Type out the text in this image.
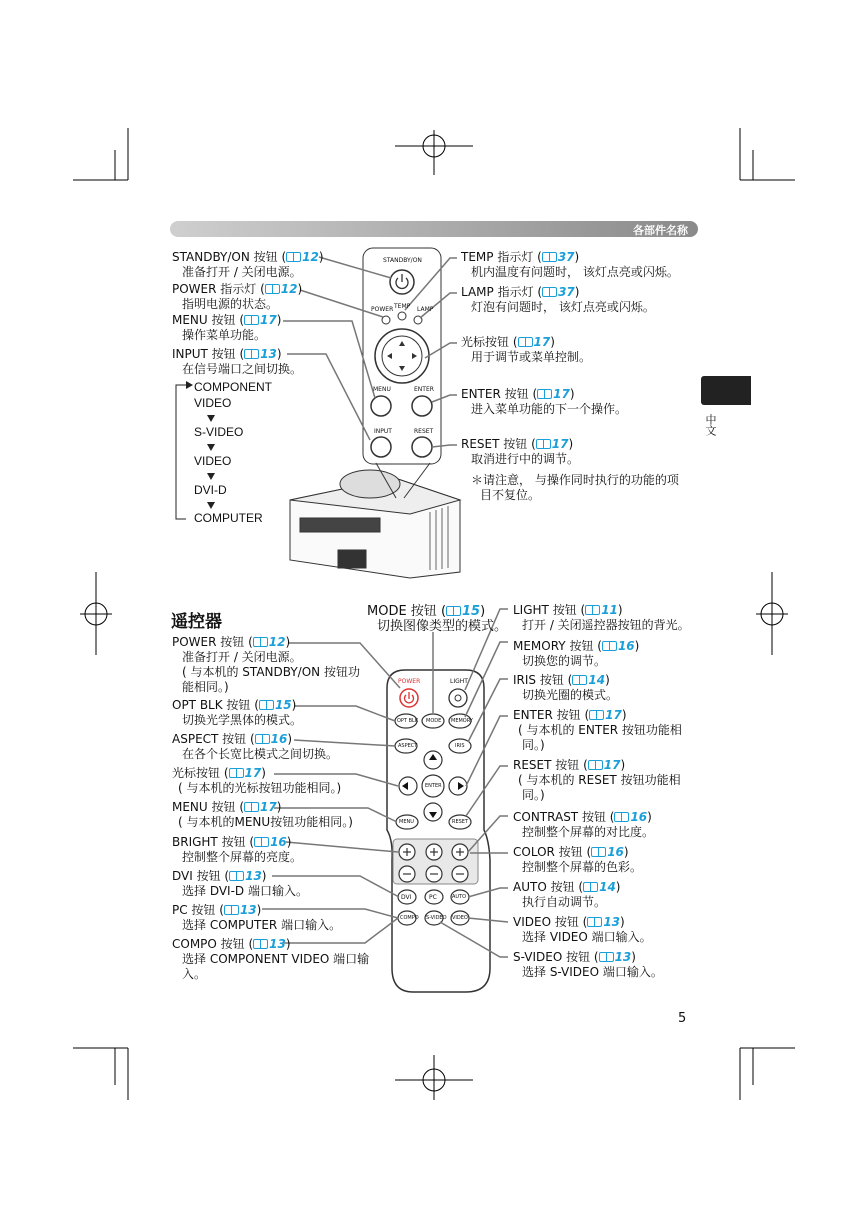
STANDBY/ON
POWER TEMP LAMP
MENU	ENTER
INPUT	RESET
POWER	LIGHT
OPT BLK MODE MEMORY
ASPECT	IRIS
ENTER
MENU	RESET
DVI	PC	AUTO
COMPO S-VIDEO VIDEO
各部件名称
中文
STANDBY/ON 按钮 ( 12)
准备打开 / 关闭电源。
POWER 指示灯 ( 12)
指明电源的状态。
MENU 按钮 ( 17)
操作菜单功能。
INPUT 按钮 ( 13)
在信号端口之间切换。
COMPONENT
VIDEO
S-VIDEO
VIDEO
DVI-D
COMPUTER
TEMP 指示灯 ( 37)
机内温度有问题时， 该灯点亮或闪烁。
LAMP 指示灯 ( 37)
灯泡有问题时， 该灯点亮或闪烁。
光标按钮 ( 17)
用于调节或菜单控制。
ENTER 按钮 ( 17)
进入菜单功能的下一个操作。
RESET 按钮 ( 17)
取消进行中的调节。
＊请注意， 与操作同时执行的功能的项
目不复位。
遥控器
MODE 按钮 ( 15)
切换图像类型的模式。
POWER 按钮 ( 12)
准备打开 / 关闭电源。
( 与本机的 STANDBY/ON 按钮功
能相同。)
OPT BLK 按钮 ( 15)
切换光学黑体的模式。
ASPECT 按钮 ( 16)
在各个长宽比模式之间切换。
光标按钮 ( 17)
( 与本机的光标按钮功能相同。)
MENU 按钮 ( 17)
( 与本机的MENU按钮功能相同。)
BRIGHT 按钮 ( 16)
控制整个屏幕的亮度。
DVI 按钮 ( 13)
选择 DVI-D 端口输入。
PC 按钮 ( 13)
选择 COMPUTER 端口输入。
COMPO 按钮 ( 13)
选择 COMPONENT VIDEO 端口输
入。
LIGHT 按钮 ( 11)
打开 / 关闭遥控器按钮的背光。
MEMORY 按钮 ( 16)
切换您的调节。
IRIS 按钮 ( 14)
切换光圈的模式。
ENTER 按钮 ( 17)
( 与本机的 ENTER 按钮功能相
同。)
RESET 按钮 ( 17)
( 与本机的 RESET 按钮功能相
同。)
CONTRAST 按钮 ( 16)
控制整个屏幕的对比度。
COLOR 按钮 ( 16)
控制整个屏幕的色彩。
AUTO 按钮 ( 14)
执行自动调节。
VIDEO 按钮 ( 13)
选择 VIDEO 端口输入。
S-VIDEO 按钮 ( 13)
选择 S-VIDEO 端口输入。
5
